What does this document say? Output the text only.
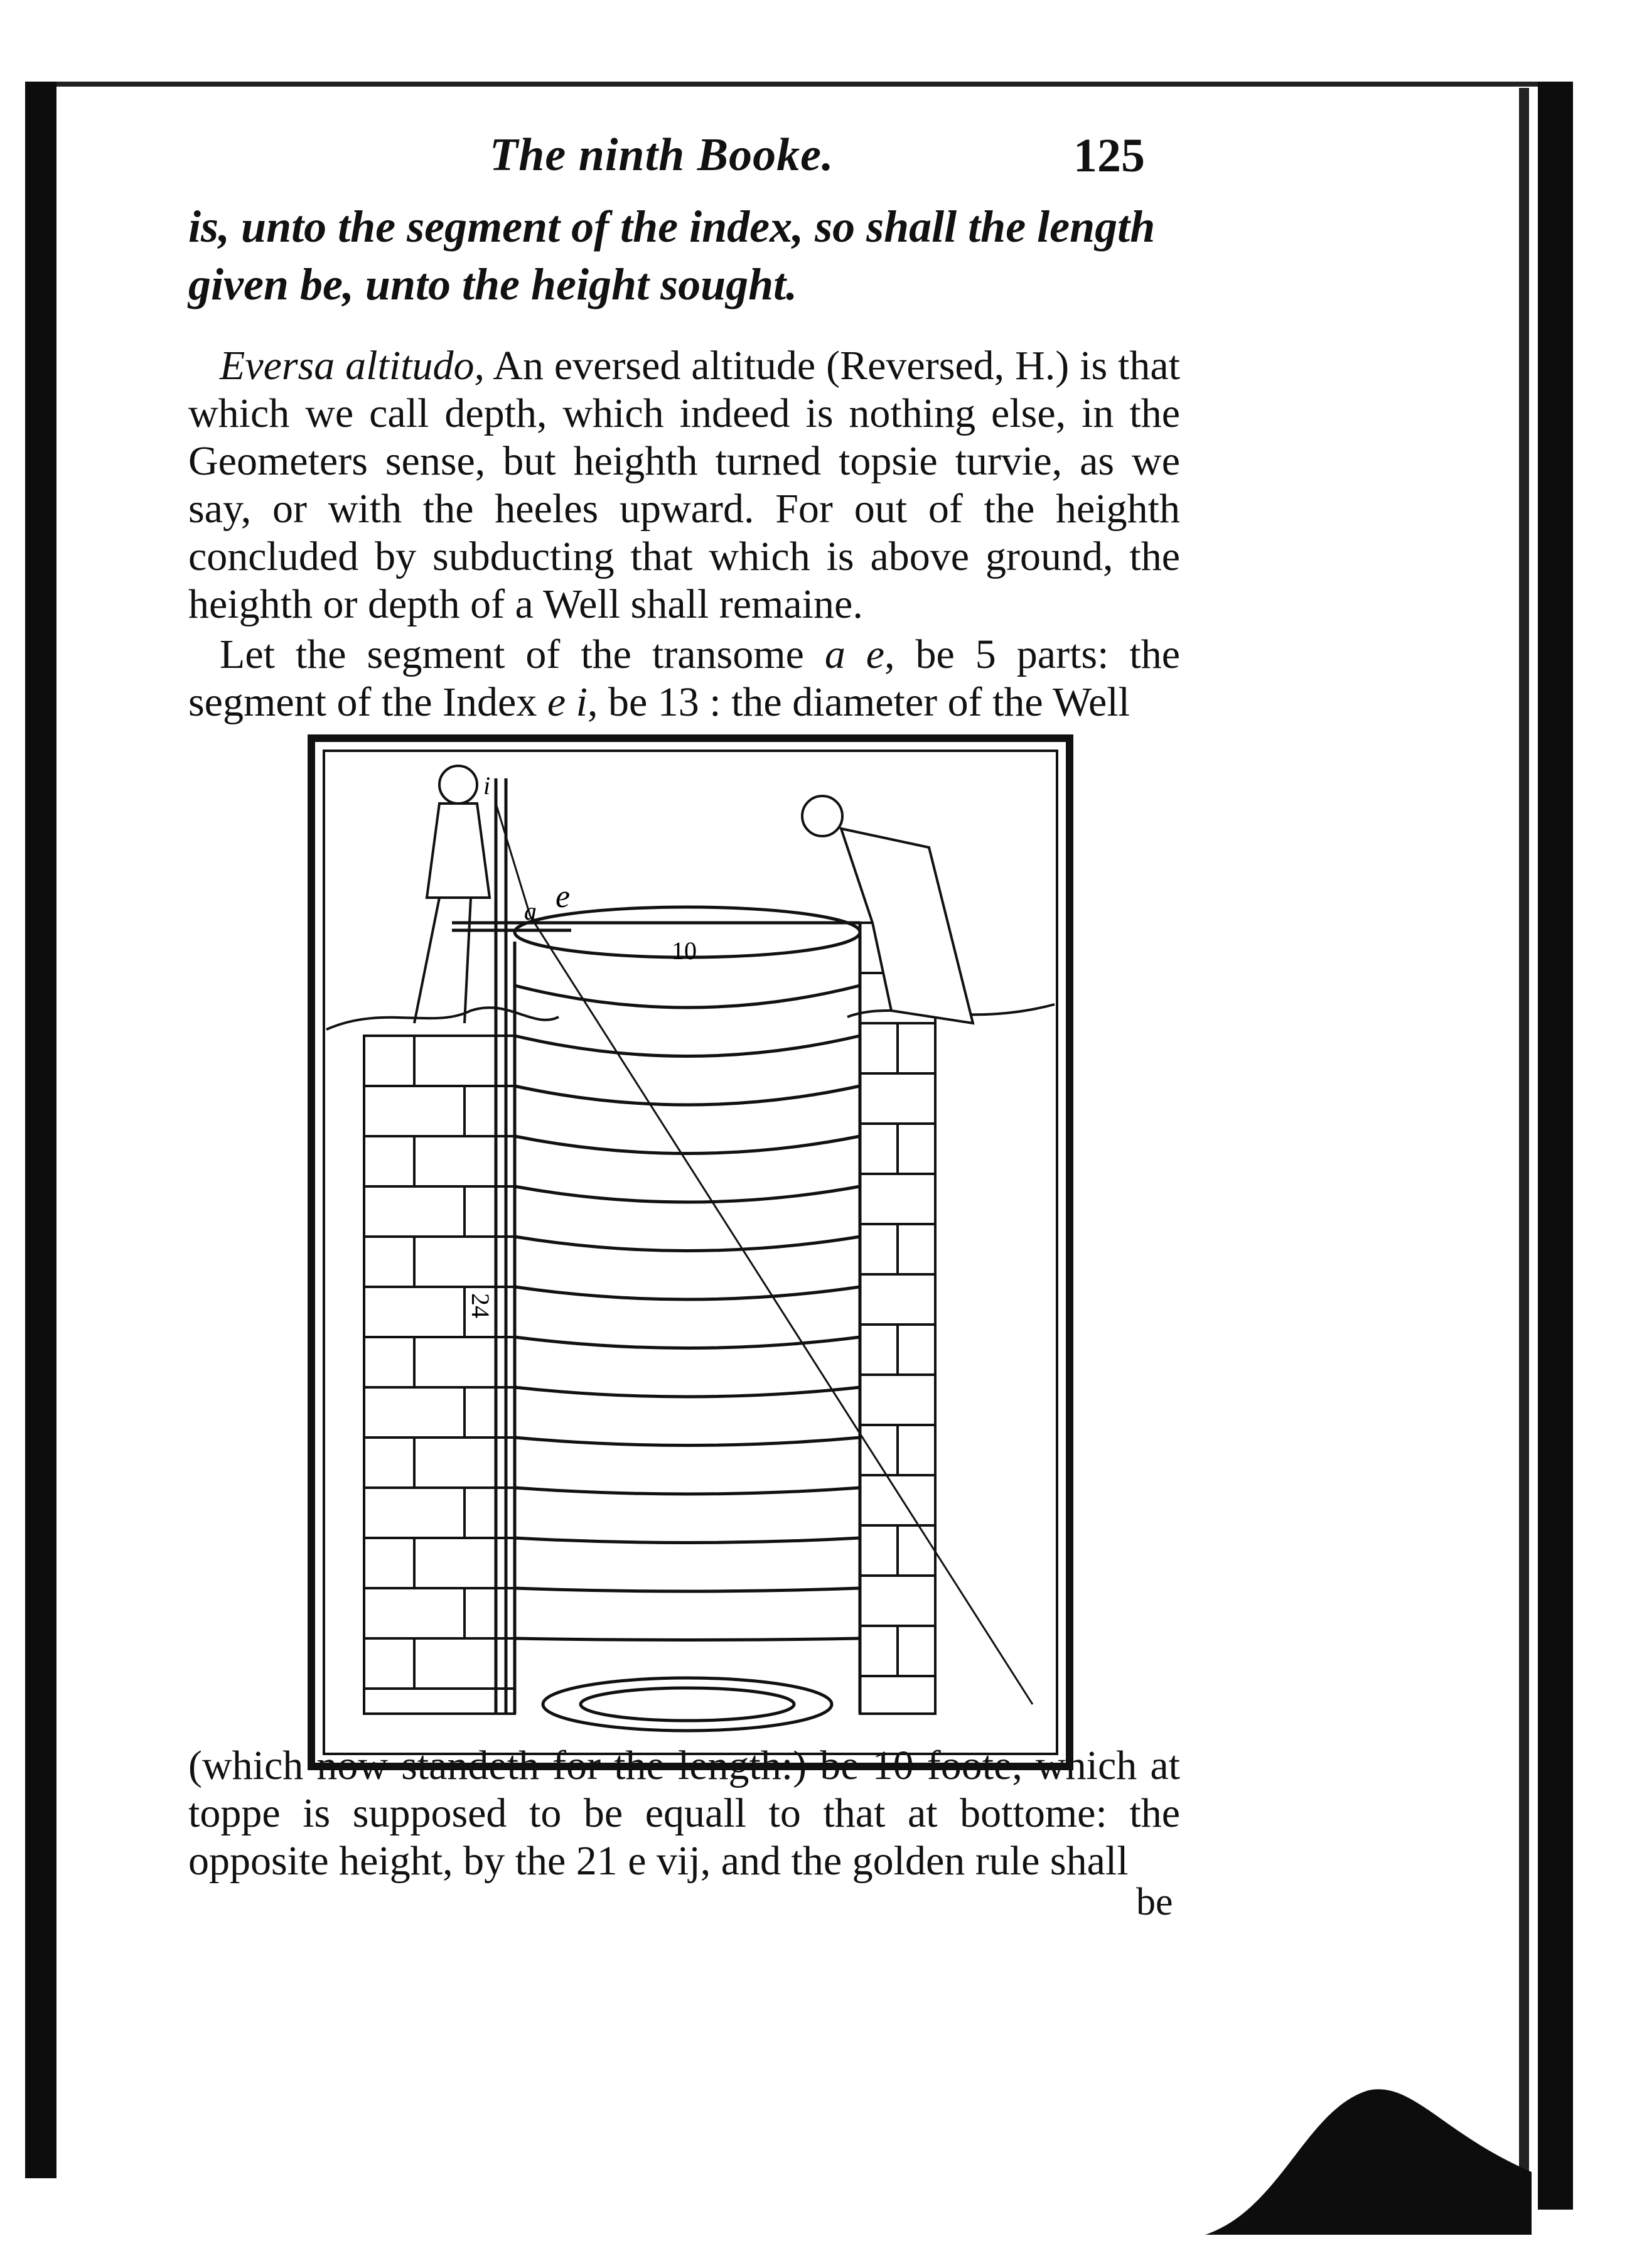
The ninth Booke.	125

is, unto the segment of the index, so shall the length given be, unto the height sought.

Eversa altitudo, An eversed altitude (Reversed, H.) is that which we call depth, which indeed is nothing else, in the Geometers sense, but heighth turned topsie turvie, as we say, or with the heeles upward. For out of the heighth concluded by subducting that which is above ground, the heighth or depth of a Well shall remaine.

Let the segment of the transome a e, be 5 parts: the segment of the Index e i, be 13 : the diameter of the Well

a e
i
10
24

(which now standeth for the length:) be 10 foote, which at toppe is supposed to be equall to that at bottome: the opposite height, by the 21 e vij, and the golden rule shall

be
